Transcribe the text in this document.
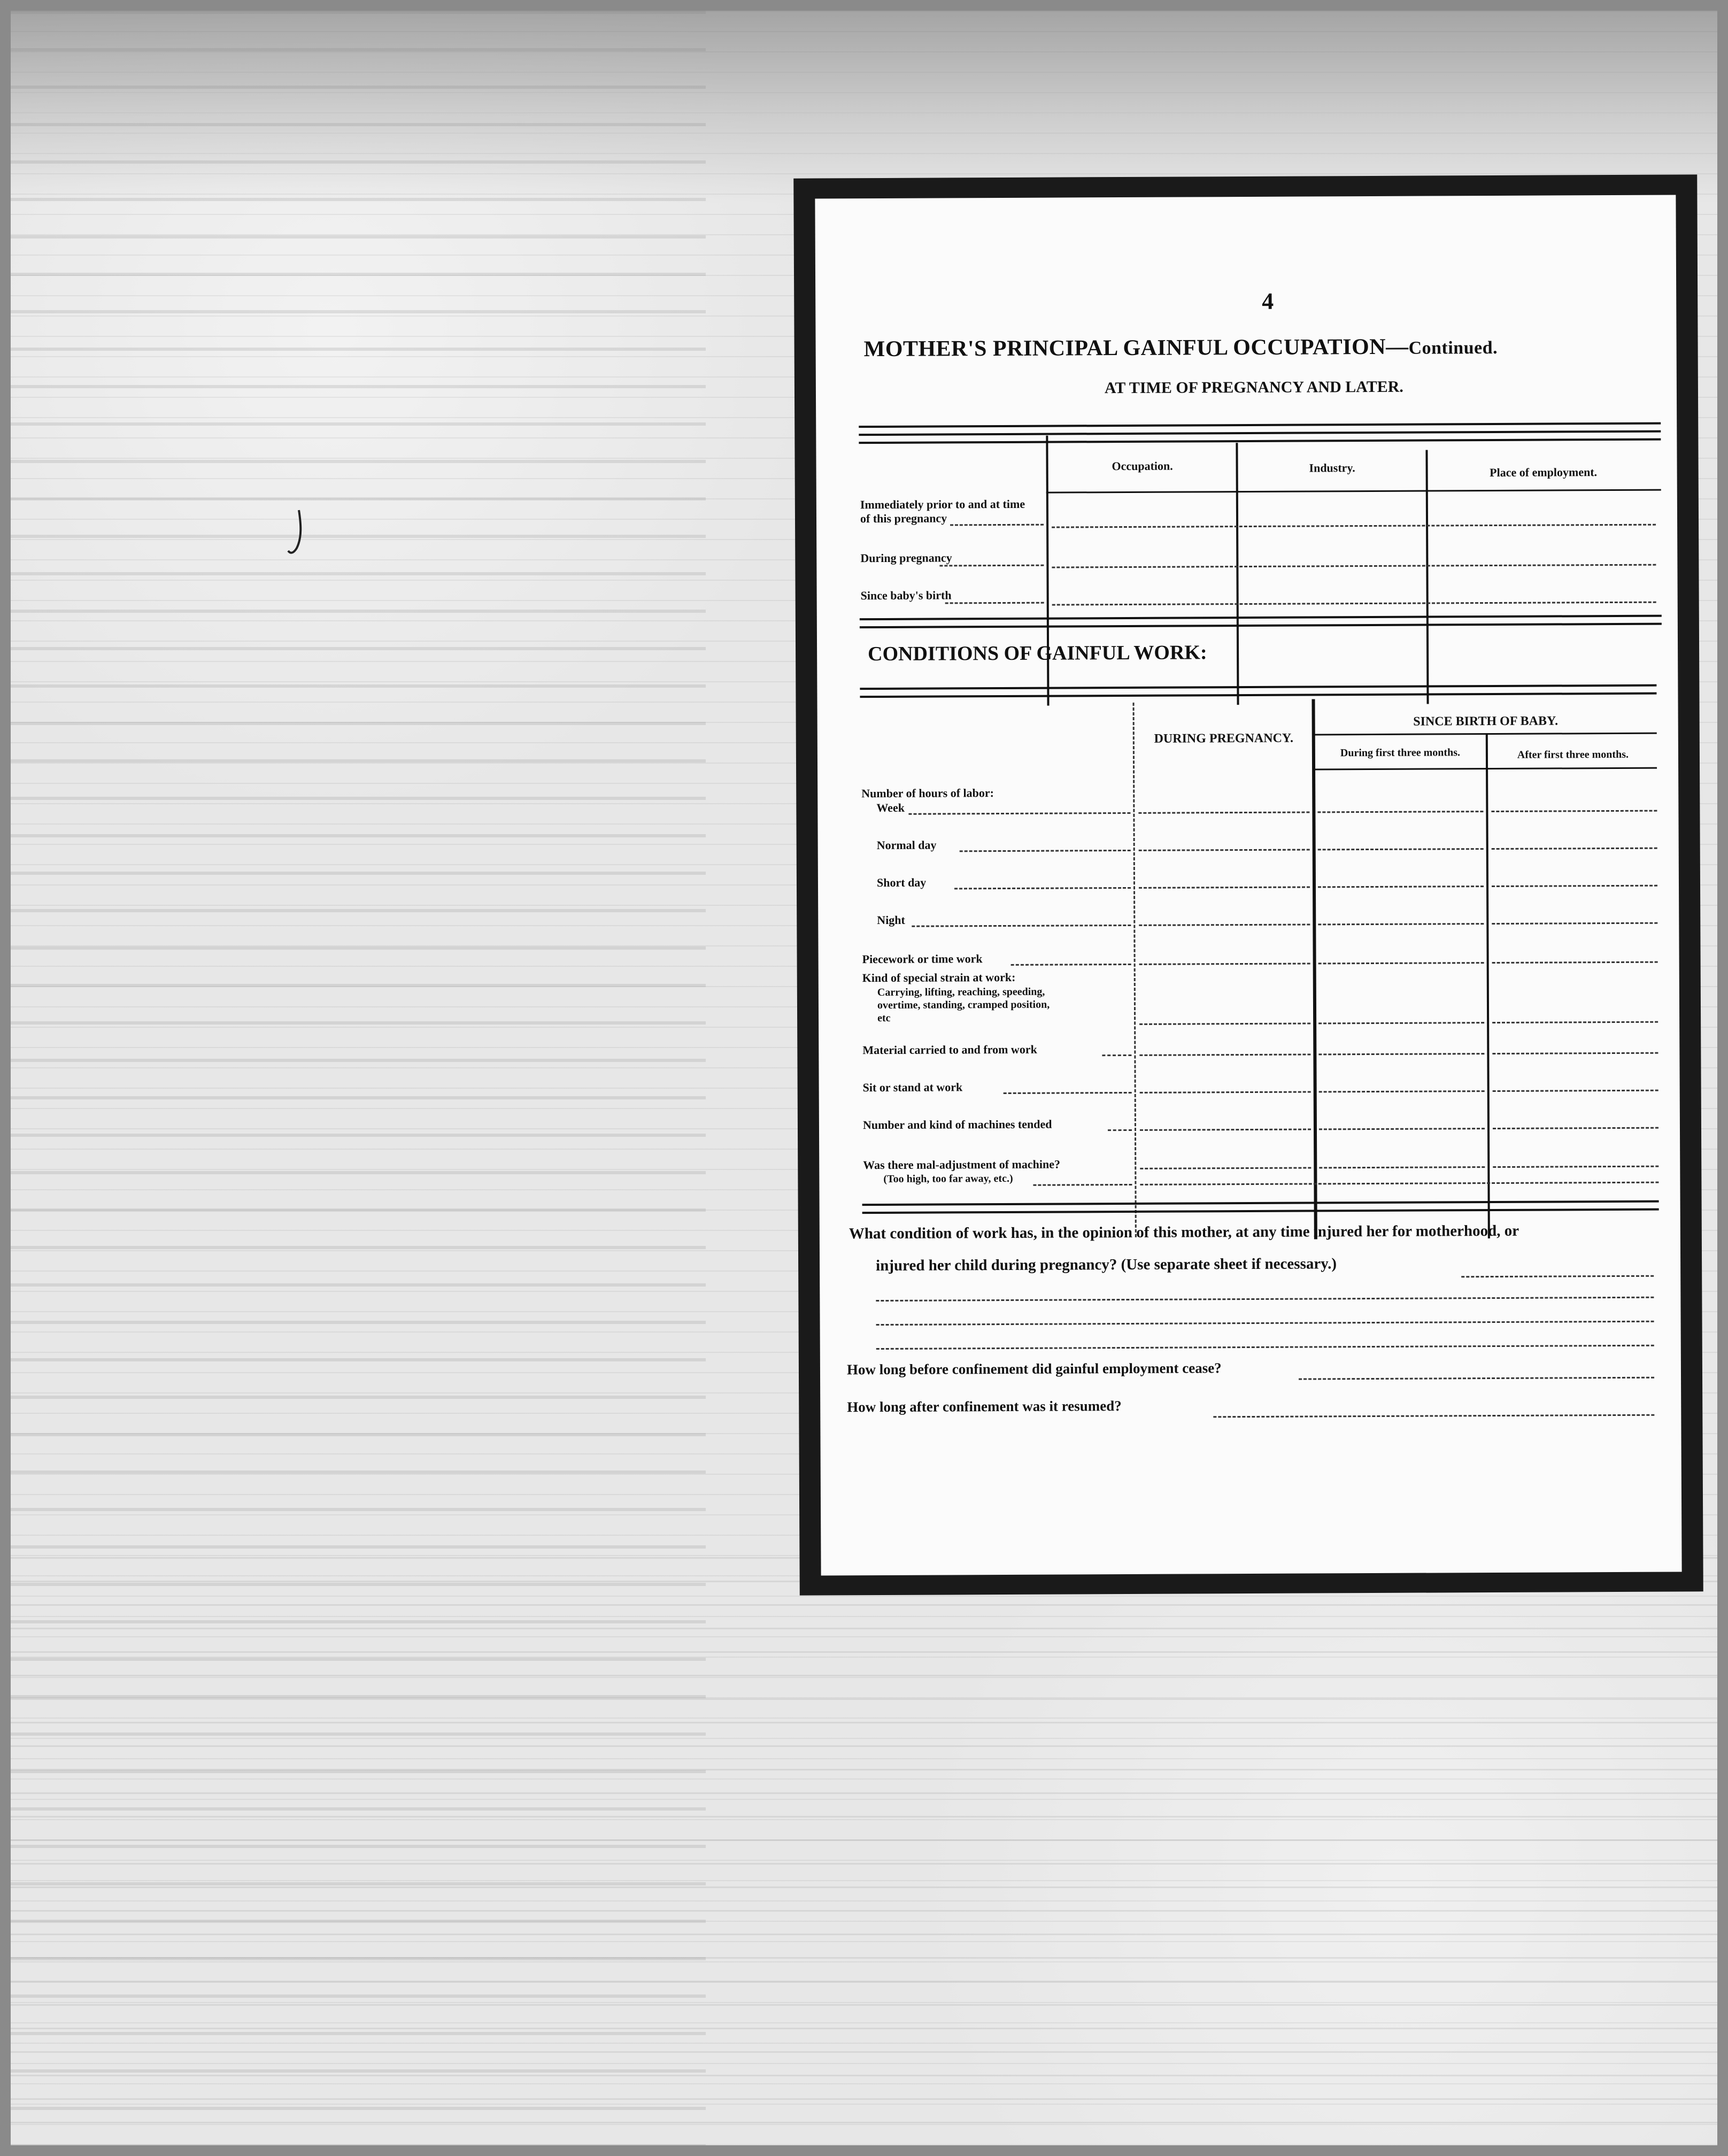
4
MOTHER'S PRINCIPAL GAINFUL OCCUPATION—Continued.
AT TIME OF PREGNANCY AND LATER.
Occupation.	Industry.	Place of employment.
Immediately prior to and at time of this pregnancy
During pregnancy
Since baby's birth
CONDITIONS OF GAINFUL WORK:
DURING PREGNANCY.
SINCE BIRTH OF BABY.
During first three months.	After first three months.
Number of hours of labor:
Week
Normal day
Short day
Night
Piecework or time work
Kind of special strain at work:
Carrying, lifting, reaching, speeding,
overtime, standing, cramped position,
etc
Material carried to and from work
Sit or stand at work
Number and kind of machines tended
Was there mal-adjustment of machine?
(Too high, too far away, etc.)
What condition of work has, in the opinion of this mother, at any time injured her for motherhood, or
injured her child during pregnancy? (Use separate sheet if necessary.)
How long before confinement did gainful employment cease?
How long after confinement was it resumed?
